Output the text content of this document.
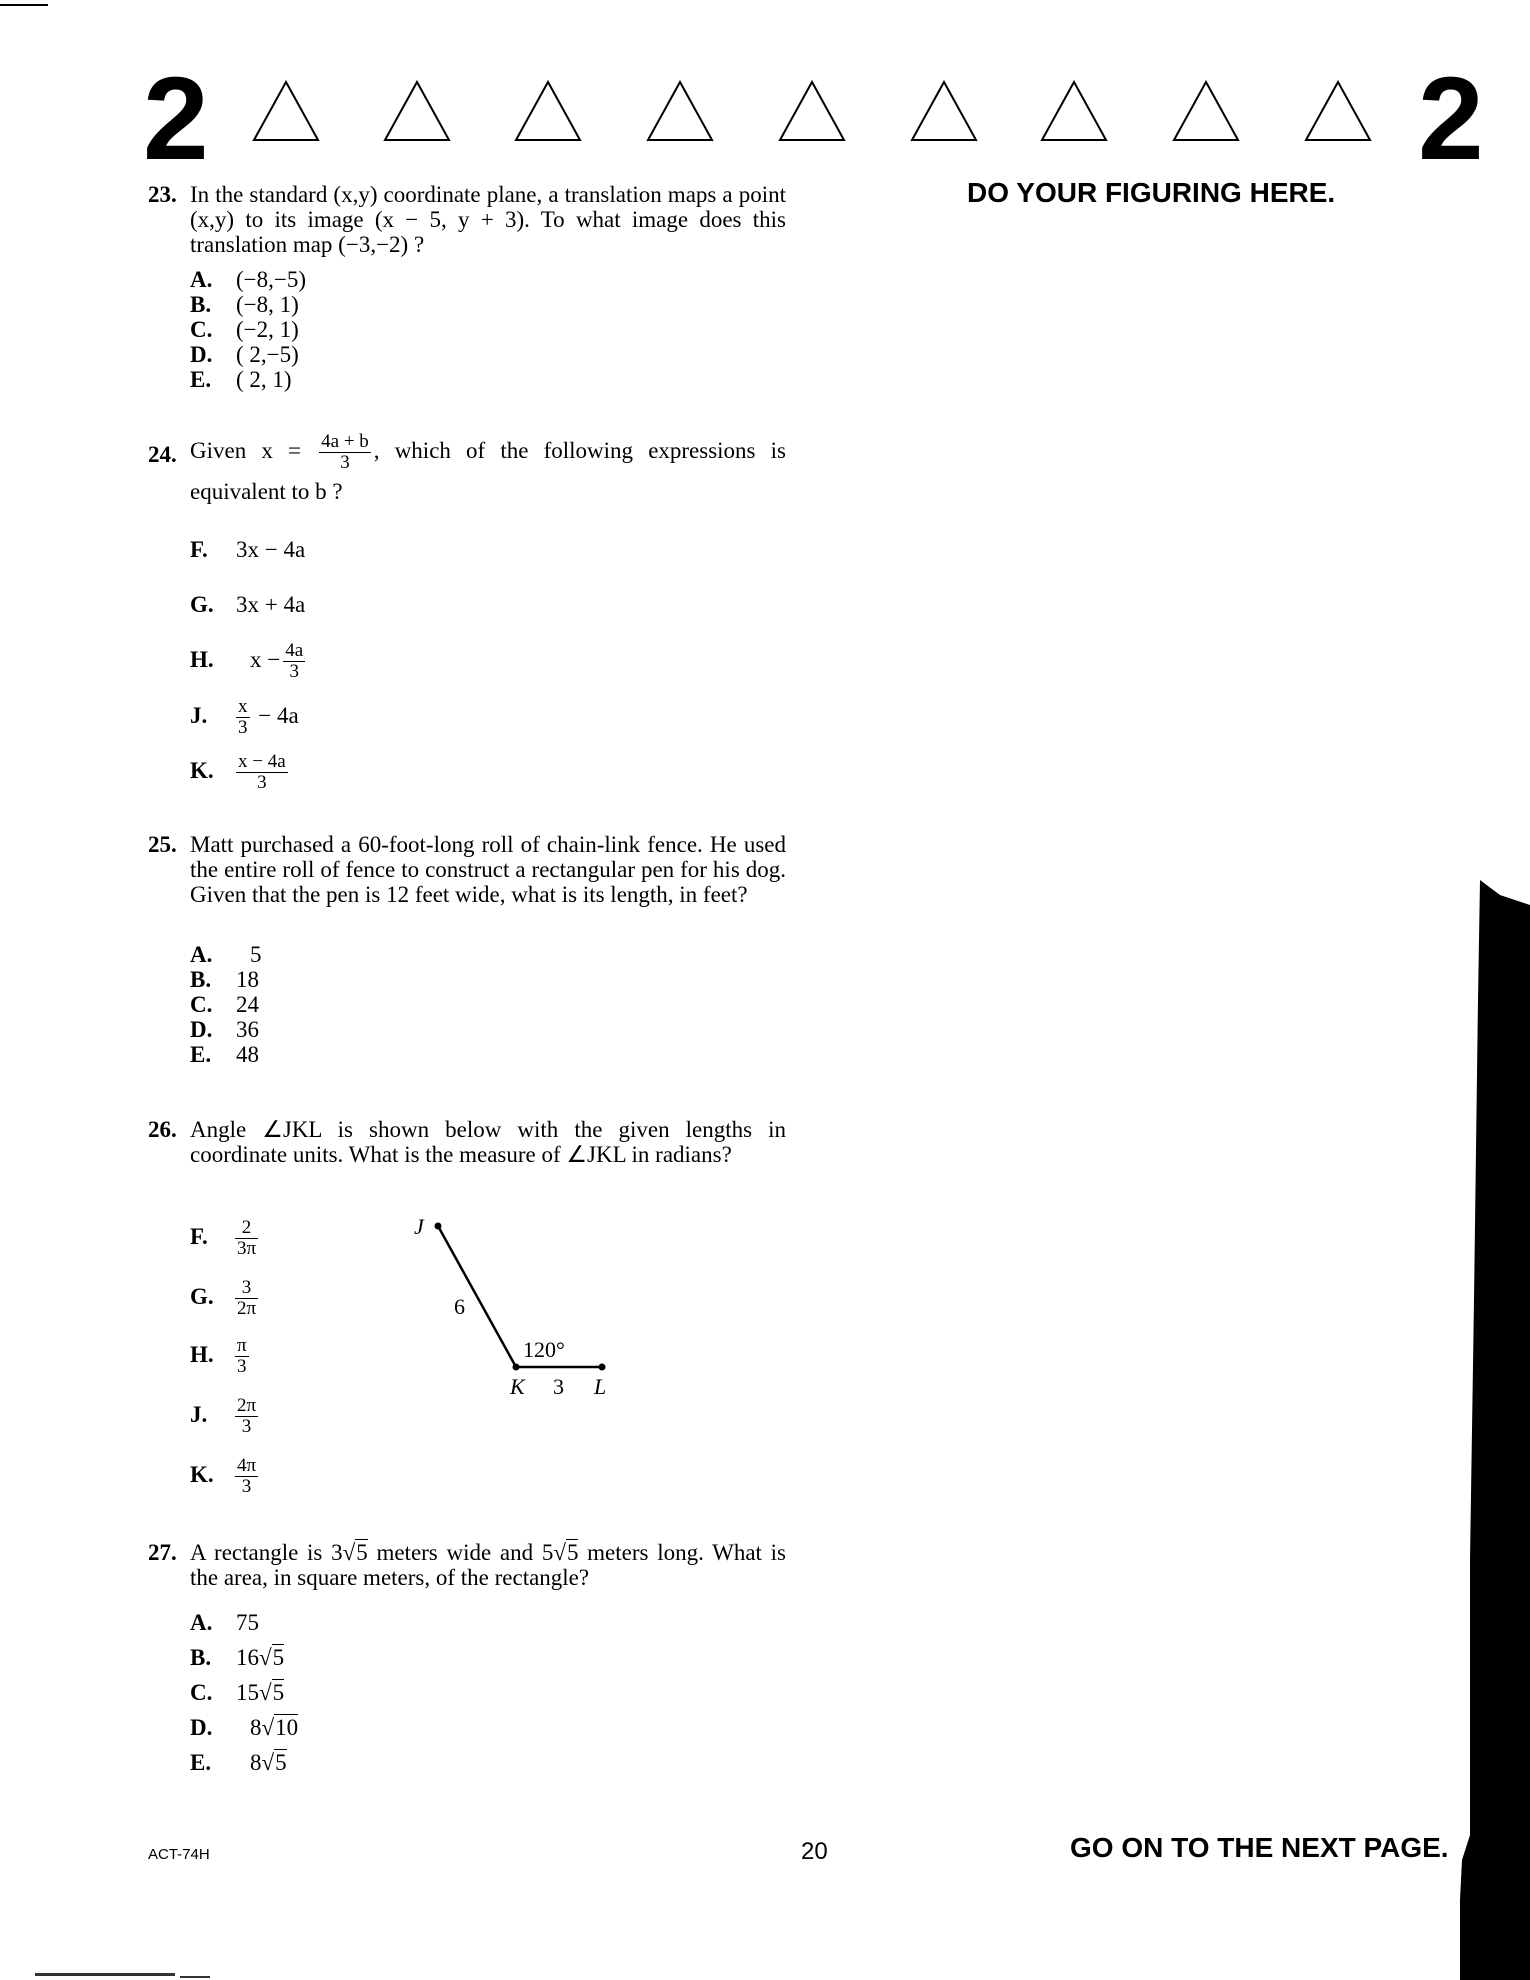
2	2
DO YOUR FIGURING HERE.
23. In the standard (x,y) coordinate plane, a translation maps a point (x,y) to its image (x − 5, y + 3). To what image does this translation map (−3,−2) ?
A. (−8,−5)
B. (−8, 1)
C. (−2, 1)
D. ( 2,−5)
E. ( 2, 1)
24. Given $x = \frac{4a + b}{3}$ , which of the following expressions is equivalent to b ?
F. 3x − 4a
G. 3x + 4a
H. $x - \frac{4a}{3}$
J. $\frac{x}{3} - 4a$
K. $\frac{x - 4a}{3}$
25. Matt purchased a 60-foot-long roll of chain-link fence. He used the entire roll of fence to construct a rectangular pen for his dog. Given that the pen is 12 feet wide, what is its length, in feet?
A. 5
B. 18
C. 24
D. 36
E. 48
26. Angle ∠JKL is shown below with the given lengths in coordinate units. What is the measure of ∠JKL in radians?
F. $\frac{2}{3\pi}$
G. $\frac{3}{2\pi}$
H. $\frac{\pi}{3}$
J. $\frac{2\pi}{3}$
K. $\frac{4\pi}{3}$
J
6
120°
K 3 L
27. A rectangle is 3√5 meters wide and 5√5 meters long. What is the area, in square meters, of the rectangle?
A. 75
B. 16√5
C. 15√5
D. 8√10
E. 8√5
ACT-74H	20	GO ON TO THE NEXT PAGE.
